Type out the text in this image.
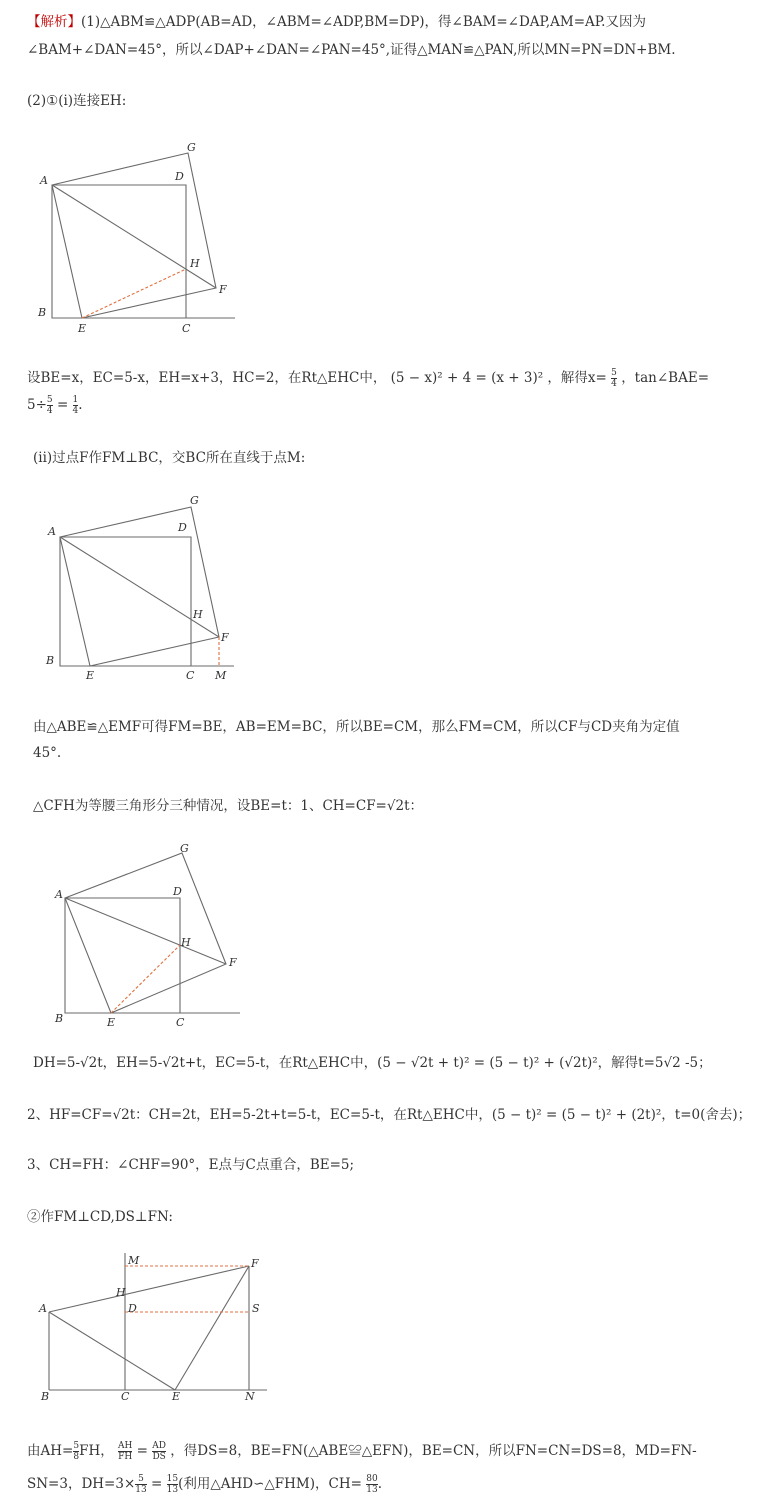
【解析】(1)△ABM≌△ADP(AB=AD，∠ABM=∠ADP,BM=DP)，得∠BAM=∠DAP,AM=AP.又因为
∠BAM+∠DAN=45°，所以∠DAP+∠DAN=∠PAN=45°,证得△MAN≌△PAN,所以MN=PN=DN+BM.
(2)①(i)连接EH:
A
B
C
D
E
F
G
H
设BE=x，EC=5-x，EH=x+3，HC=2，在Rt△EHC中， (5 − x)² + 4 = (x + 3)² ，解得$x= \frac{5}{4}$ ，tan∠BAE=
$5\div \frac{5}{4} = \frac{1}{4}$ .
(ii)过点F作FM⊥BC，交BC所在直线于点M:
A
B
C
D
E
F
G
H
M
由△ABE≌△EMF可得FM=BE，AB=EM=BC，所以BE=CM，那么FM=CM，所以CF与CD夹角为定值
45°.
△CFH为等腰三角形分三种情况，设BE=t：1、CH=CF=√2t：
A
B	C
D
E
F
G
H
DH=5-√2t，EH=5-√2t+t，EC=5-t，在Rt△EHC中，(5 − √2t + t)² = (5 − t)² + (√2t)²，解得t=5√2 -5；
2、HF=CF=√2t：CH=2t，EH=5-2t+t=5-t，EC=5-t，在Rt△EHC中，(5 − t)² = (5 − t)² + (2t)²，t=0(舍去)；
3、CH=FH：∠CHF=90°，E点与C点重合，BE=5;
②作FM⊥CD,DS⊥FN:
A
B	C
D
E
F
H
M
N
S
由$AH= \frac{5}{8}$ FH， $\frac{AH}{FH} = \frac{AD}{DS}$ ，得DS=8，BE=FN(△ABE≌△EFN)，BE=CN，所以FN=CN=DS=8，MD=FN-
SN=3，$DH=3\times \frac{5}{13} = \frac{15}{13}$ (利用△AHD∽△FHM)，$CH= \frac{80}{13}$ .
